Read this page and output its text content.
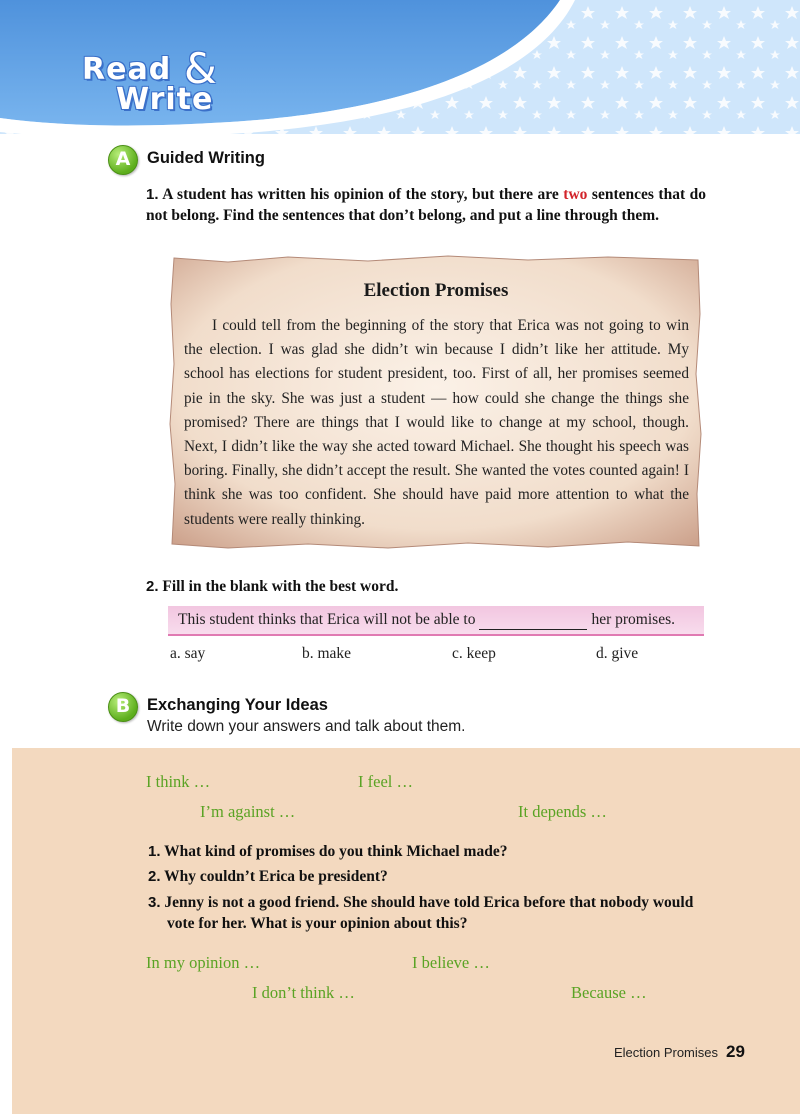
Read &
Write
A	Guided Writing
1. A student has written his opinion of the story, but there are two sentences that do not belong. Find the sentences that don’t belong, and put a line through them.
Election Promises
I could tell from the beginning of the story that Erica was not going to win the election. I was glad she didn’t win because I didn’t like her attitude. My school has elections for student president, too. First of all, her promises seemed pie in the sky. She was just a student — how could she change the things she promised? There are things that I would like to change at my school, though. Next, I didn’t like the way she acted toward Michael. She thought his speech was boring. Finally, she didn’t accept the result. She wanted the votes counted again! I think she was too confident. She should have paid more attention to what the students were really thinking.
2. Fill in the blank with the best word.
This student thinks that Erica will not be able to	her promises.
a. say	b. make	c. keep	d. give
B	Exchanging Your Ideas
Write down your answers and talk about them.
I think …	I feel …
I’m against …	It depends …
1. What kind of promises do you think Michael made?
2. Why couldn’t Erica be president?
3. Jenny is not a good friend. She should have told Erica before that nobody would
vote for her. What is your opinion about this?
In my opinion …	I believe …
I don’t think …	Because …
Election Promises 29
